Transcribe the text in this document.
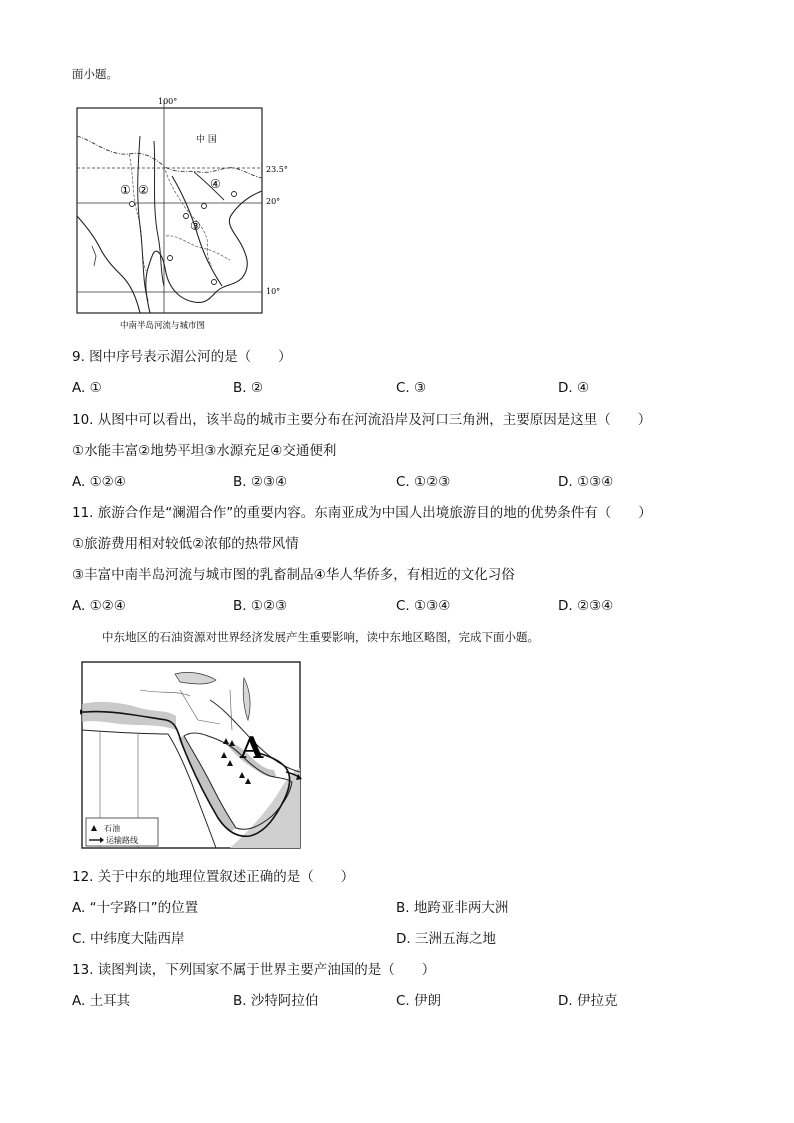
面小题。
100°
中 国
23.5°
20°
10°
① ②
③
④
中南半岛河流与城市图
9. 图中序号表示湄公河的是（　　）
A. ①	B. ②	C. ③	D. ④
10. 从图中可以看出，该半岛的城市主要分布在河流沿岸及河口三角洲，主要原因是这里（　　）
①水能丰富②地势平坦③水源充足④交通便利
A. ①②④	B. ②③④	C. ①②③	D. ①③④
11. 旅游合作是“澜湄合作”的重要内容。东南亚成为中国人出境旅游目的地的优势条件有（　　）
①旅游费用相对较低②浓郁的热带风情
③丰富中南半岛河流与城市图的乳畜制品④华人华侨多，有相近的文化习俗
A. ①②④	B. ①②③	C. ①③④	D. ②③④
中东地区的石油资源对世界经济发展产生重要影响，读中东地区略图，完成下面小题。
A
石油
运输路线
12. 关于中东的地理位置叙述正确的是（　　）
A. “十字路口”的位置	B. 地跨亚非两大洲
C. 中纬度大陆西岸	D. 三洲五海之地
13. 读图判读，下列国家不属于世界主要产油国的是（　　）
A. 土耳其	B. 沙特阿拉伯	C. 伊朗	D. 伊拉克
